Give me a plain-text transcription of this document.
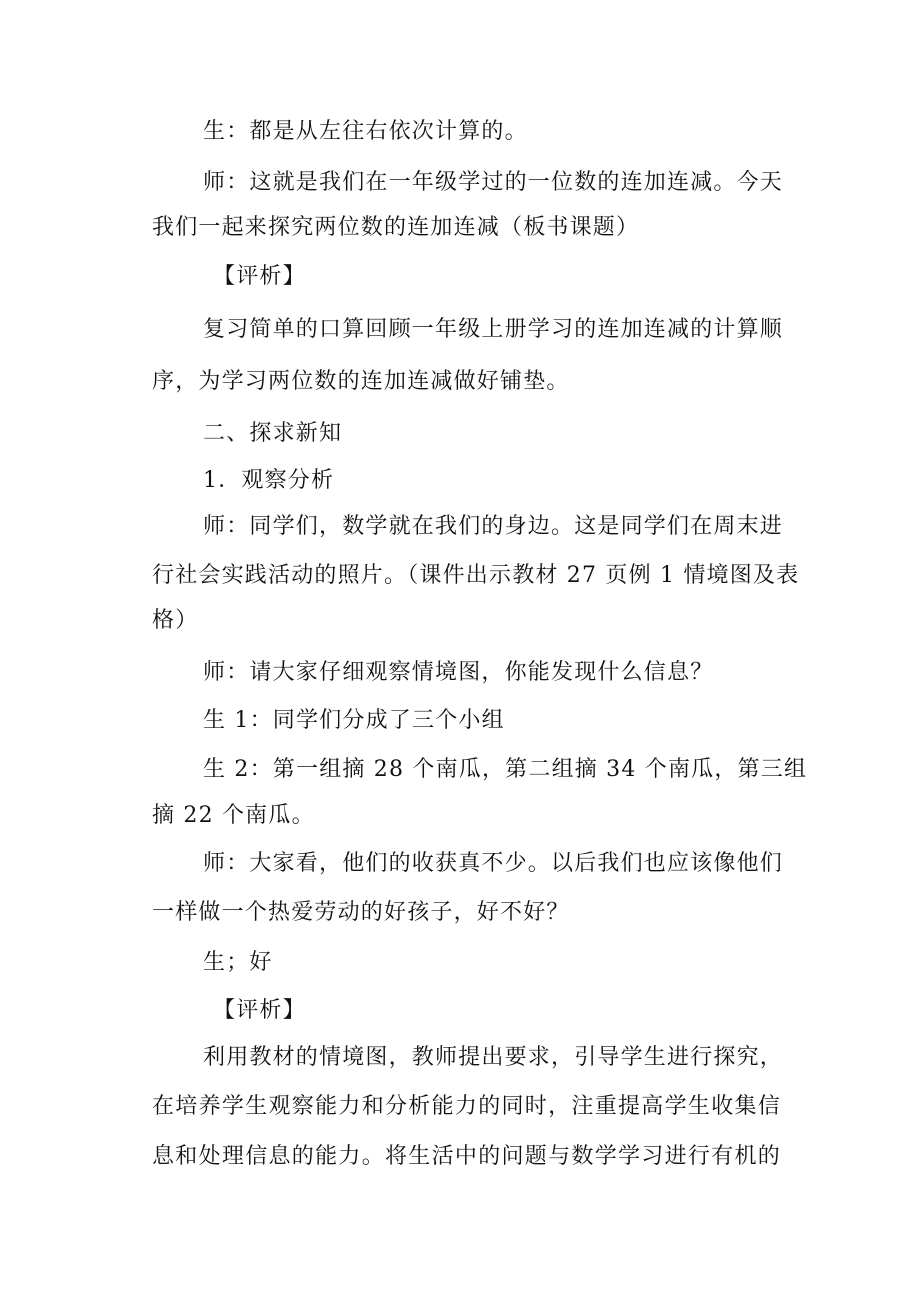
生：都是从左往右依次计算的。
师：这就是我们在一年级学过的一位数的连加连减。今天
我们一起来探究两位数的连加连减（板书课题）
【评析】
复习简单的口算回顾一年级上册学习的连加连减的计算顺
序，为学习两位数的连加连减做好铺垫。
二、探求新知
1．观察分析
师：同学们，数学就在我们的身边。这是同学们在周末进
行社会实践活动的照片。（课件出示教材 27 页例 1 情境图及表
格）
师：请大家仔细观察情境图，你能发现什么信息？
生 1：同学们分成了三个小组
生 2：第一组摘 28 个南瓜，第二组摘 34 个南瓜，第三组
摘 22 个南瓜。
师：大家看，他们的收获真不少。以后我们也应该像他们
一样做一个热爱劳动的好孩子，好不好？
生；好
【评析】
利用教材的情境图，教师提出要求，引导学生进行探究，
在培养学生观察能力和分析能力的同时，注重提高学生收集信
息和处理信息的能力。将生活中的问题与数学学习进行有机的
